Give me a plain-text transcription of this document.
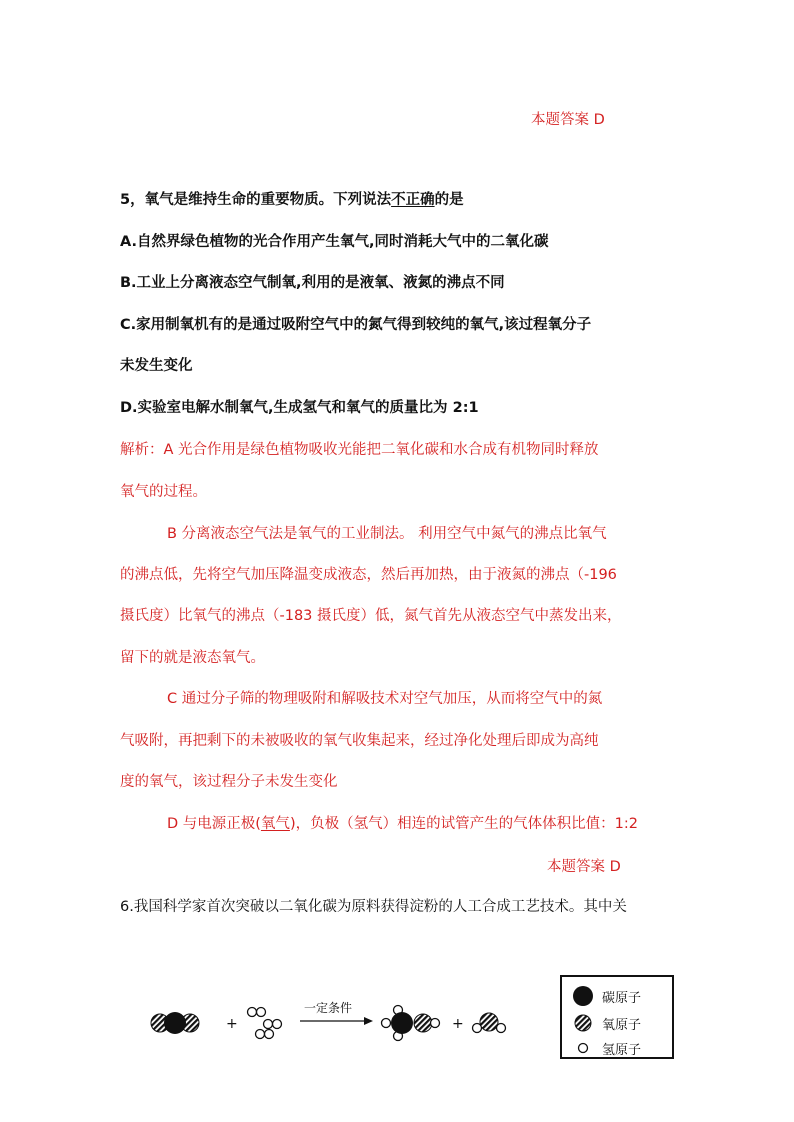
本题答案 D
5，氧气是维持生命的重要物质。下列说法不正确的是
A.自然界绿色植物的光合作用产生氧气,同时消耗大气中的二氧化碳
B.工业上分离液态空气制氧,利用的是液氧、液氮的沸点不同
C.家用制氧机有的是通过吸附空气中的氮气得到较纯的氧气,该过程氧分子
未发生变化
D.实验室电解水制氧气,生成氢气和氧气的质量比为 2:1
解析：A 光合作用是绿色植物吸收光能把二氧化碳和水合成有机物同时释放
氧气的过程。
B 分离液态空气法是氧气的工业制法。 利用空气中氮气的沸点比氧气
的沸点低，先将空气加压降温变成液态，然后再加热，由于液氮的沸点（-196
摄氏度）比氧气的沸点（-183 摄氏度）低，氮气首先从液态空气中蒸发出来，
留下的就是液态氧气。
C 通过分子筛的物理吸附和解吸技术对空气加压，从而将空气中的氮
气吸附，再把剩下的未被吸收的氧气收集起来，经过净化处理后即成为高纯
度的氧气，该过程分子未发生变化
D 与电源正极(氧气)，负极（氢气）相连的试管产生的气体体积比值：1:2
本题答案 D
6.我国科学家首次突破以二氧化碳为原料获得淀粉的人工合成工艺技术。其中关
+
一定条件
+
碳原子
氧原子
氢原子
